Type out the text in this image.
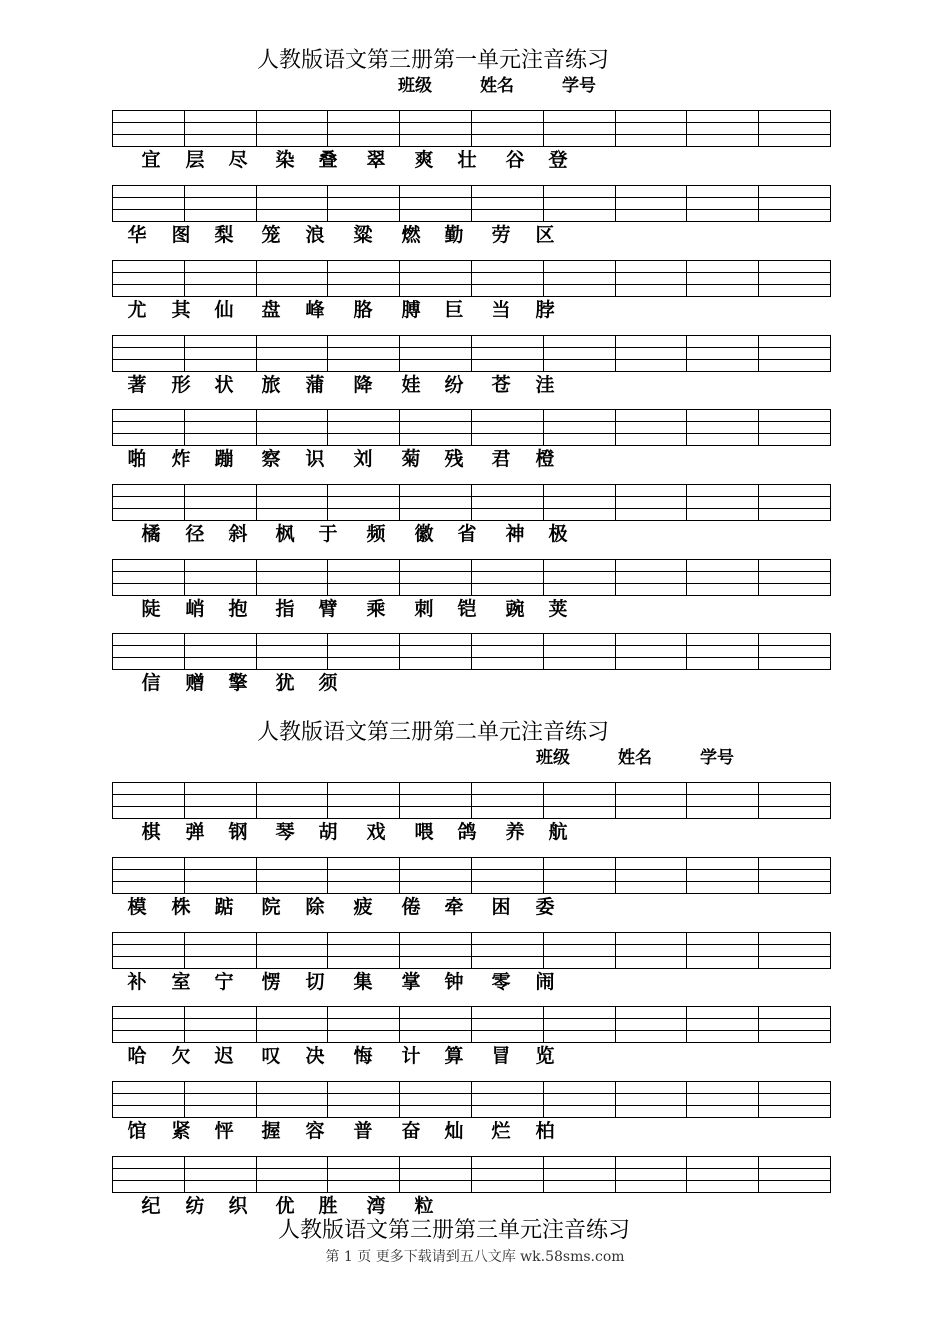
人教版语文第三册第一单元注音练习
班级	姓名	学号
宜 层 尽 染 叠 翠 爽 壮 谷 登
华 图 梨 笼 浪 粱 燃 勤 劳 区
尤 其 仙 盘 峰 胳 膊 巨 当 脖
著 形 状 旅 蒲 降 娃 纷 苍 洼
啪 炸 蹦 察 识 刘 菊 残 君 橙
橘 径 斜 枫 于 频 徽 省 神 极
陡 峭 抱 指 臂 乘 刺 铠 豌 荚
信 赠 擎 犹 须
人教版语文第三册第二单元注音练习
班级	姓名	学号
棋 弹 钢 琴 胡 戏 喂 鸽 养 航
模 株 踮 院 除 疲 倦 牵 困 委
补 室 宁 愣 切 集 掌 钟 零 闹
哈 欠 迟 叹 决 悔 计 算 冒 览
馆 紧 怦 握 容 普 奋 灿 烂 柏
纪 纺 织 优 胜 湾 粒
人教版语文第三册第三单元注音练习
第 1 页 更多下载请到五八文库 wk.58sms.com
